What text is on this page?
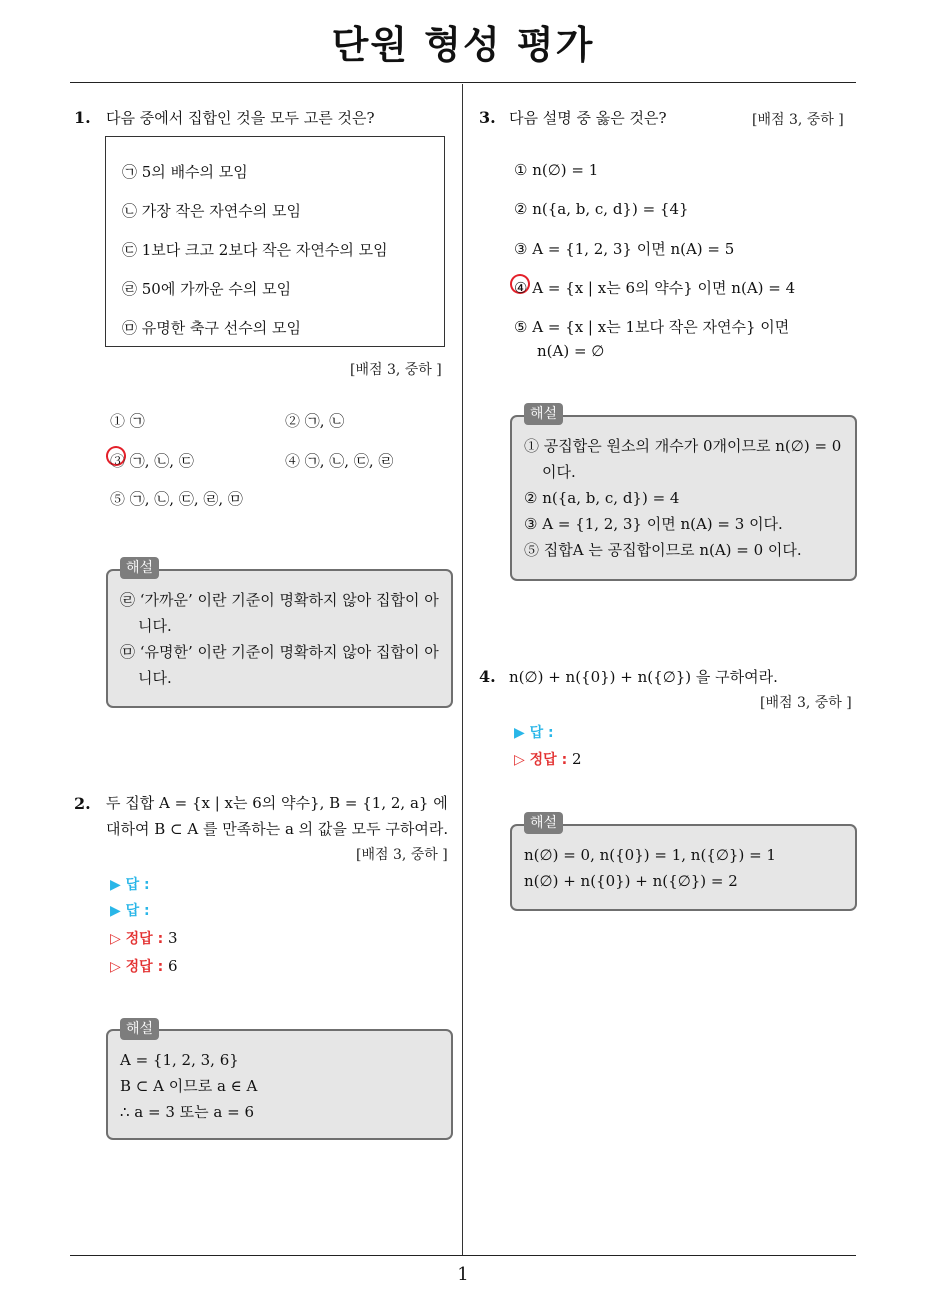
단원 형성 평가
1. 다음 중에서 집합인 것을 모두 고른 것은?
㉠ 5의 배수의 모임
㉡ 가장 작은 자연수의 모임
㉢ 1보다 크고 2보다 작은 자연수의 모임
㉣ 50에 가까운 수의 모임
㉤ 유명한 축구 선수의 모임
[배점 3, 중하 ]
① ㉠	② ㉠, ㉡
③ ㉠, ㉡, ㉢	④ ㉠, ㉡, ㉢, ㉣
⑤ ㉠, ㉡, ㉢, ㉣, ㉤
㉣ ‘가까운’ 이란 기준이 명확하지 않아 집합이 아
니다.
㉤ ‘유명한’ 이란 기준이 명확하지 않아 집합이 아
니다.
해설
2. 두 집합 A = {x | x는 6의 약수}, B = {1, 2, a} 에
대하여 B ⊂ A 를 만족하는 a 의 값을 모두 구하여라.
[배점 3, 중하 ]
▶ 답 :
▶ 답 :
▷ 정답 : 3
▷ 정답 : 6
A = {1, 2, 3, 6}
B ⊂ A 이므로 a ∈ A
∴ a = 3 또는 a = 6
해설
3. 다음 설명 중 옳은 것은?	[배점 3, 중하 ]
① n(∅) = 1
② n({a, b, c, d}) = {4}
③ A = {1, 2, 3} 이면 n(A) = 5
④ A = {x | x는 6의 약수} 이면 n(A) = 4
⑤ A = {x | x는 1보다 작은 자연수} 이면
n(A) = ∅
① 공집합은 원소의 개수가 0개이므로 n(∅) = 0
이다.
② n({a, b, c, d}) = 4
③ A = {1, 2, 3} 이면 n(A) = 3 이다.
⑤ 집합A 는 공집합이므로 n(A) = 0 이다.
해설
4. n(∅) + n({0}) + n({∅}) 을 구하여라.
[배점 3, 중하 ]
▶ 답 :
▷ 정답 : 2
n(∅) = 0, n({0}) = 1, n({∅}) = 1
n(∅) + n({0}) + n({∅}) = 2
해설
1
